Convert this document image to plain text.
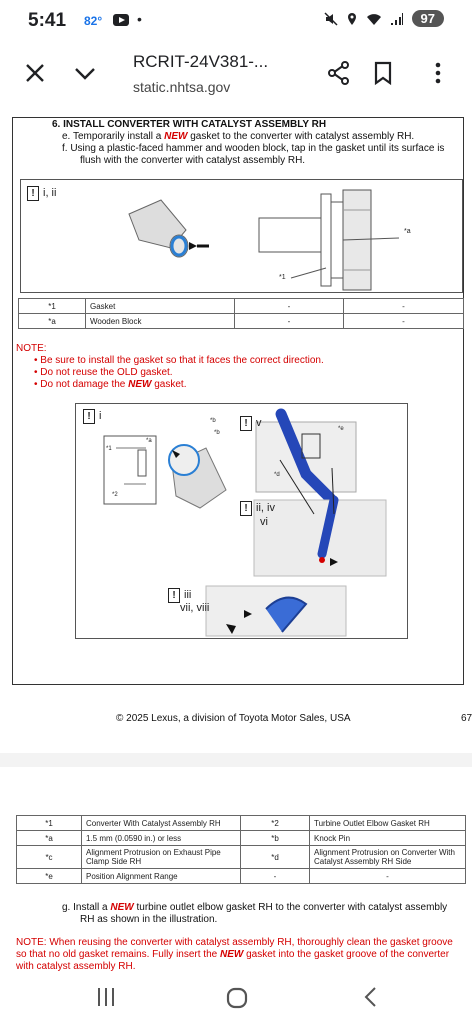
5:41 82° •	97
RCRIT-24V381-...
static.nhtsa.gov
6. INSTALL CONVERTER WITH CATALYST ASSEMBLY RH
e. Temporarily install a NEW gasket to the converter with catalyst assembly RH.
f. Using a plastic-faced hammer and wooden block, tap in the gasket until its surface is
flush with the converter with catalyst assembly RH.
! i, ii
*a
*1
*1	Gasket	-	-
*a	Wooden Block	-	-
NOTE:
• Be sure to install the gasket so that it faces the correct direction.
• Do not reuse the OLD gasket.
• Do not damage the NEW gasket.
! i
! v
! ii, iv
vi
! iii
vii, viii
*b
*b
*1
*a
*2
*e
*d
© 2025 Lexus, a division of Toyota Motor Sales, USA	67
*1	Converter With Catalyst Assembly RH	*2	Turbine Outlet Elbow Gasket RH
*a	1.5 mm (0.0590 in.) or less	*b	Knock Pin
*c	Alignment Protrusion on Exhaust Pipe Clamp Side RH	*d	Alignment Protrusion on Converter With Catalyst Assembly RH Side
*e	Position Alignment Range	-	-
g. Install a NEW turbine outlet elbow gasket RH to the converter with catalyst assembly
RH as shown in the illustration.
NOTE: When reusing the converter with catalyst assembly RH, thoroughly clean the gasket groove
so that no old gasket remains. Fully insert the NEW gasket into the gasket groove of the converter
with catalyst assembly RH.
